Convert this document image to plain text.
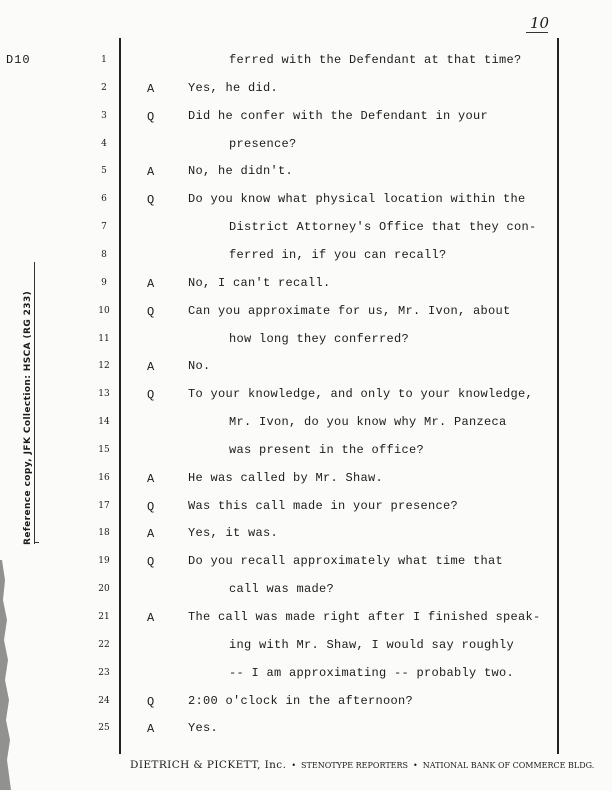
10
D10
Reference copy, JFK Collection: HSCA (RG 233)
1	ferred with the Defendant at that time?
2	A	Yes, he did.
3	Q	Did he confer with the Defendant in your
4	presence?
5	A	No, he didn't.
6	Q	Do you know what physical location within the
7	District Attorney's Office that they con-
8	ferred in, if you can recall?
9	A	No, I can't recall.
10	Q	Can you approximate for us, Mr. Ivon, about
11	how long they conferred?
12	A	No.
13	Q	To your knowledge, and only to your knowledge,
14	Mr. Ivon, do you know why Mr. Panzeca
15	was present in the office?
16	A	He was called by Mr. Shaw.
17	Q	Was this call made in your presence?
18	A	Yes, it was.
19	Q	Do you recall approximately what time that
20	call was made?
21	A	The call was made right after I finished speak-
22	ing with Mr. Shaw, I would say roughly
23	-- I am approximating -- probably two.
24	Q	2:00 o'clock in the afternoon?
25	A	Yes.
DIETRICH & PICKETT, Inc. • STENOTYPE REPORTERS • NATIONAL BANK OF COMMERCE BLDG.
